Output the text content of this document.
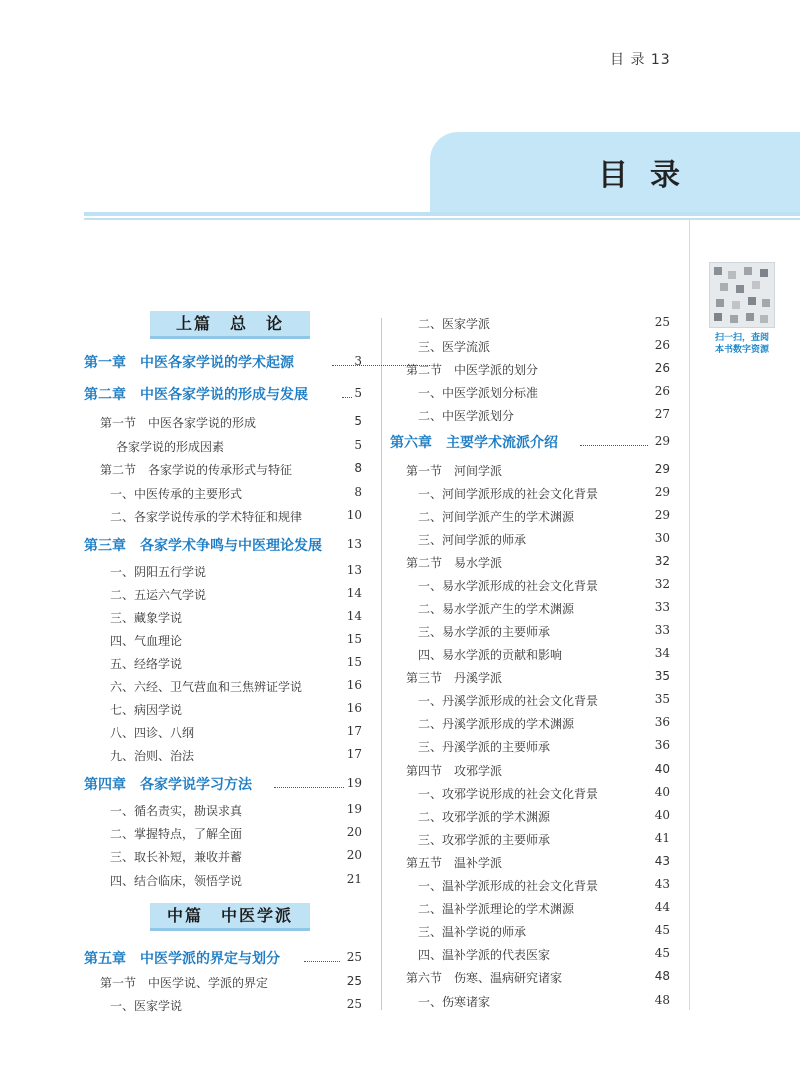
目 录 13
目录
扫一扫，查阅
本书数字资源
上篇　总　论
第一章　中医各家学说的学术起源	3
第二章　中医各家学说的形成与发展	5
第一节　中医各家学说的形成	5
各家学说的形成因素	5
第二节　各家学说的传承形式与特征	8
一、中医传承的主要形式	8
二、各家学说传承的学术特征和规律	10
第三章　各家学术争鸣与中医理论发展	13
一、阴阳五行学说	13
二、五运六气学说	14
三、藏象学说	14
四、气血理论	15
五、经络学说	15
六、六经、卫气营血和三焦辨证学说	16
七、病因学说	16
八、四诊、八纲	17
九、治则、治法	17
第四章　各家学说学习方法	19
一、循名责实，勘误求真	19
二、掌握特点，了解全面	20
三、取长补短，兼收并蓄	20
四、结合临床，领悟学说	21
中篇　中医学派
第五章　中医学派的界定与划分	25
第一节　中医学说、学派的界定	25
一、医家学说	25
二、医家学派	25
三、医学流派	26
第二节　中医学派的划分	26
一、中医学派划分标准	26
二、中医学派划分	27
第六章　主要学术流派介绍	29
第一节　河间学派	29
一、河间学派形成的社会文化背景	29
二、河间学派产生的学术渊源	29
三、河间学派的师承	30
第二节　易水学派	32
一、易水学派形成的社会文化背景	32
二、易水学派产生的学术渊源	33
三、易水学派的主要师承	33
四、易水学派的贡献和影响	34
第三节　丹溪学派	35
一、丹溪学派形成的社会文化背景	35
二、丹溪学派形成的学术渊源	36
三、丹溪学派的主要师承	36
第四节　攻邪学派	40
一、攻邪学说形成的社会文化背景	40
二、攻邪学派的学术渊源	40
三、攻邪学派的主要师承	41
第五节　温补学派	43
一、温补学派形成的社会文化背景	43
二、温补学派理论的学术渊源	44
三、温补学说的师承	45
四、温补学派的代表医家	45
第六节　伤寒、温病研究诸家	48
一、伤寒诸家	48
